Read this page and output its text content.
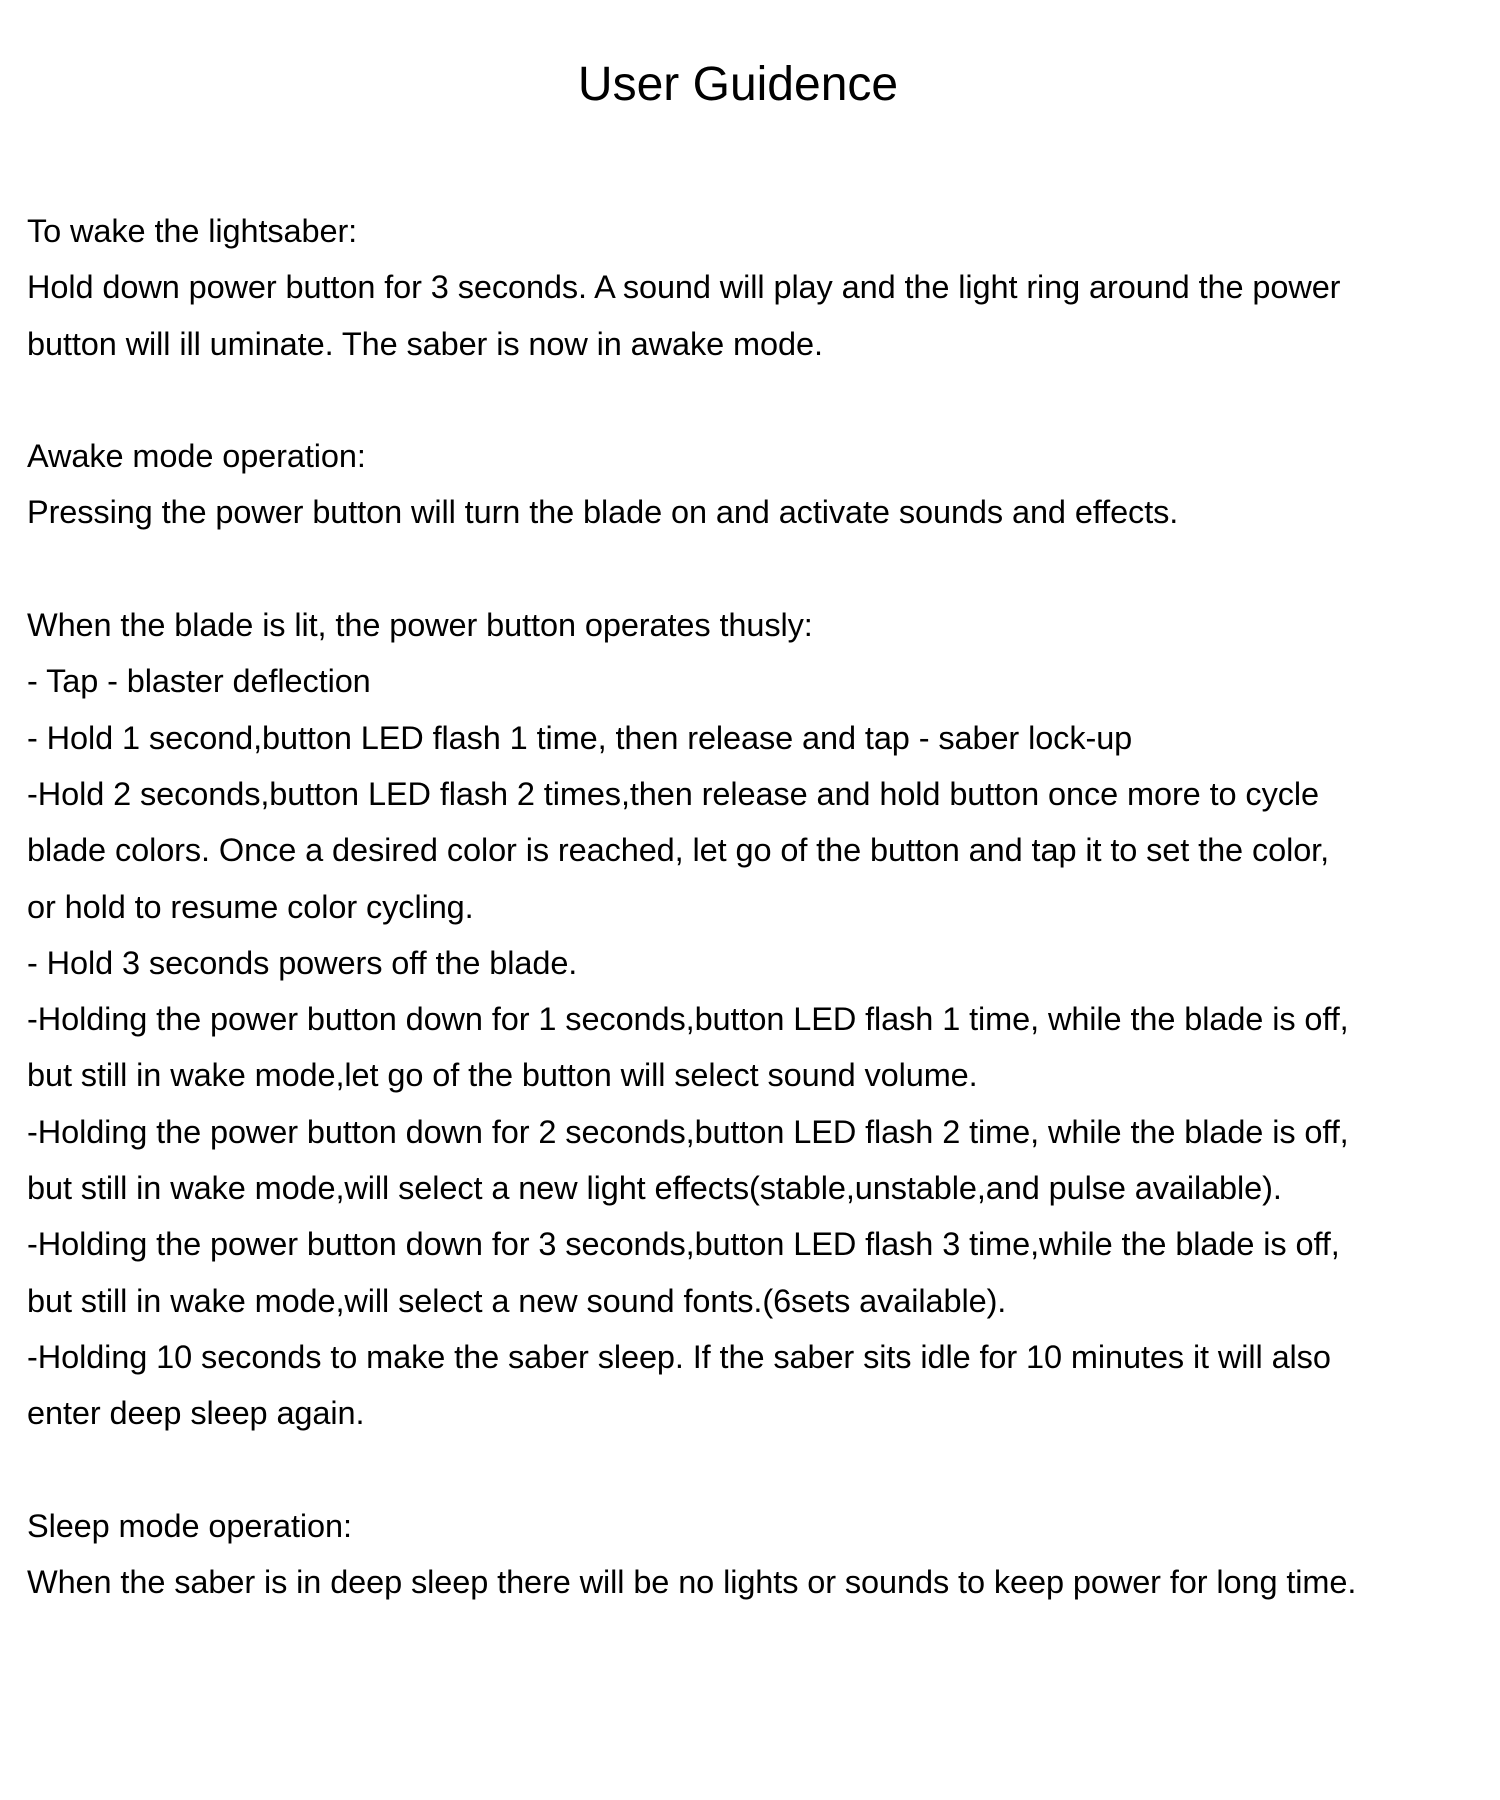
User Guidence
To wake the lightsaber:
Hold down power button for 3 seconds. A sound will play and the light ring around the power
button will ill uminate. The saber is now in awake mode.
Awake mode operation:
Pressing the power button will turn the blade on and activate sounds and effects.
When the blade is lit, the power button operates thusly:
- Tap - blaster deflection
- Hold 1 second,button LED flash 1 time, then release and tap - saber lock-up
-Hold 2 seconds,button LED flash 2 times,then release and hold button once more to cycle
blade colors. Once a desired color is reached, let go of the button and tap it to set the color,
or hold to resume color cycling.
- Hold 3 seconds powers off the blade.
-Holding the power button down for 1 seconds,button LED flash 1 time, while the blade is off,
but still in wake mode,let go of the button will select sound volume.
-Holding the power button down for 2 seconds,button LED flash 2 time, while the blade is off,
but still in wake mode,will select a new light effects(stable,unstable,and pulse available).
-Holding the power button down for 3 seconds,button LED flash 3 time,while the blade is off,
but still in wake mode,will select a new sound fonts.(6sets available).
-Holding 10 seconds to make the saber sleep. If the saber sits idle for 10 minutes it will also
enter deep sleep again.
Sleep mode operation:
When the saber is in deep sleep there will be no lights or sounds to keep power for long time.
